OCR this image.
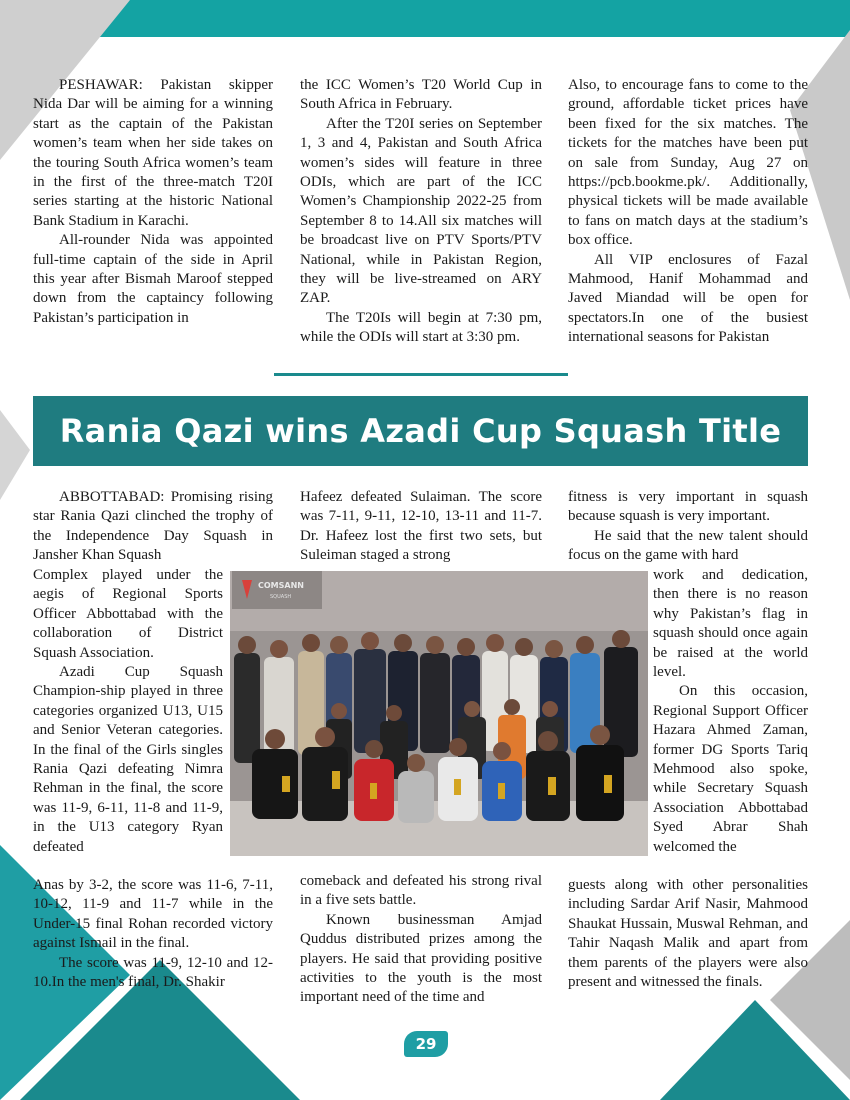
PESHAWAR: Pakistan skipper Nida Dar will be aiming for a winning start as the captain of the Pakistan women’s team when her side takes on the touring South Africa women’s team in the first of the three-match T20I series starting at the historic National Bank Stadium in Karachi.

All-rounder Nida was appointed full-time captain of the side in April this year after Bismah Maroof stepped down from the captaincy following Pakistan’s participation in

the ICC Women’s T20 World Cup in South Africa in February.

After the T20I series on September 1, 3 and 4, Pakistan and South Africa women’s sides will feature in three ODIs, which are part of the ICC Women’s Championship 2022-25 from September 8 to 14.All six matches will be broadcast live on PTV Sports/PTV National, while in Pakistan Region, they will be live-streamed on ARY ZAP.

The T20Is will begin at 7:30 pm, while the ODIs will start at 3:30 pm.

Also, to encourage fans to come to the ground, affordable ticket prices have been fixed for the six matches. The tickets for the matches have been put on sale from Sunday, Aug 27 on https://pcb.bookme.pk/. Additionally, physical tickets will be made available to fans on match days at the stadium’s box office.

All VIP enclosures of Fazal Mahmood, Hanif Mohammad and Javed Miandad will be open for spectators.In one of the busiest international seasons for Pakistan

Rania Qazi wins Azadi Cup Squash Title

ABBOTTABAD: Promising rising star Rania Qazi clinched the trophy of the Independence Day Squash in Jansher Khan Squash

Complex played under the aegis of Regional Sports Officer Abbottabad with the collaboration of District Squash Association.

Azadi Cup Squash Champion-ship played in three categories organized U13, U15 and Senior Veteran categories. In the final of the Girls singles Rania Qazi defeating Nimra Rehman in the final, the score was 11-9, 6-11, 11-8 and 11-9, in the U13 category Ryan defeated

Anas by 3-2, the score was 11-6, 7-11, 10-12, 11-9 and 11-7 while in the Under-15 final Rohan recorded victory against Ismail in the final.

The score was 11-9, 12-10 and 12-10.In the men's final, Dr. Shakir

Hafeez defeated Sulaiman. The score was 7-11, 9-11, 12-10, 13-11 and 11-7. Dr. Hafeez lost the first two sets, but Suleiman staged a strong

comeback and defeated his strong rival in a five sets battle.

Known businessman Amjad Quddus distributed prizes among the players. He said that providing positive activities to the youth is the most important need of the time and

fitness is very important in squash because squash is very important.

He said that the new talent should focus on the game with hard

work and dedication, then there is no reason why Pakistan’s flag in squash should once again be raised at the world level.

On this occasion, Regional Support Officer Hazara Ahmed Zaman, former DG Sports Tariq Mehmood also spoke, while Secretary Squash Association Abbottabad Syed Abrar Shah welcomed the

guests along with other personalities including Sardar Arif Nasir, Mahmood Shaukat Hussain, Muswal Rehman, and Tahir Naqash Malik and apart from them parents of the players were also present and witnessed the finals.

COMSANN
SQUASH
29
